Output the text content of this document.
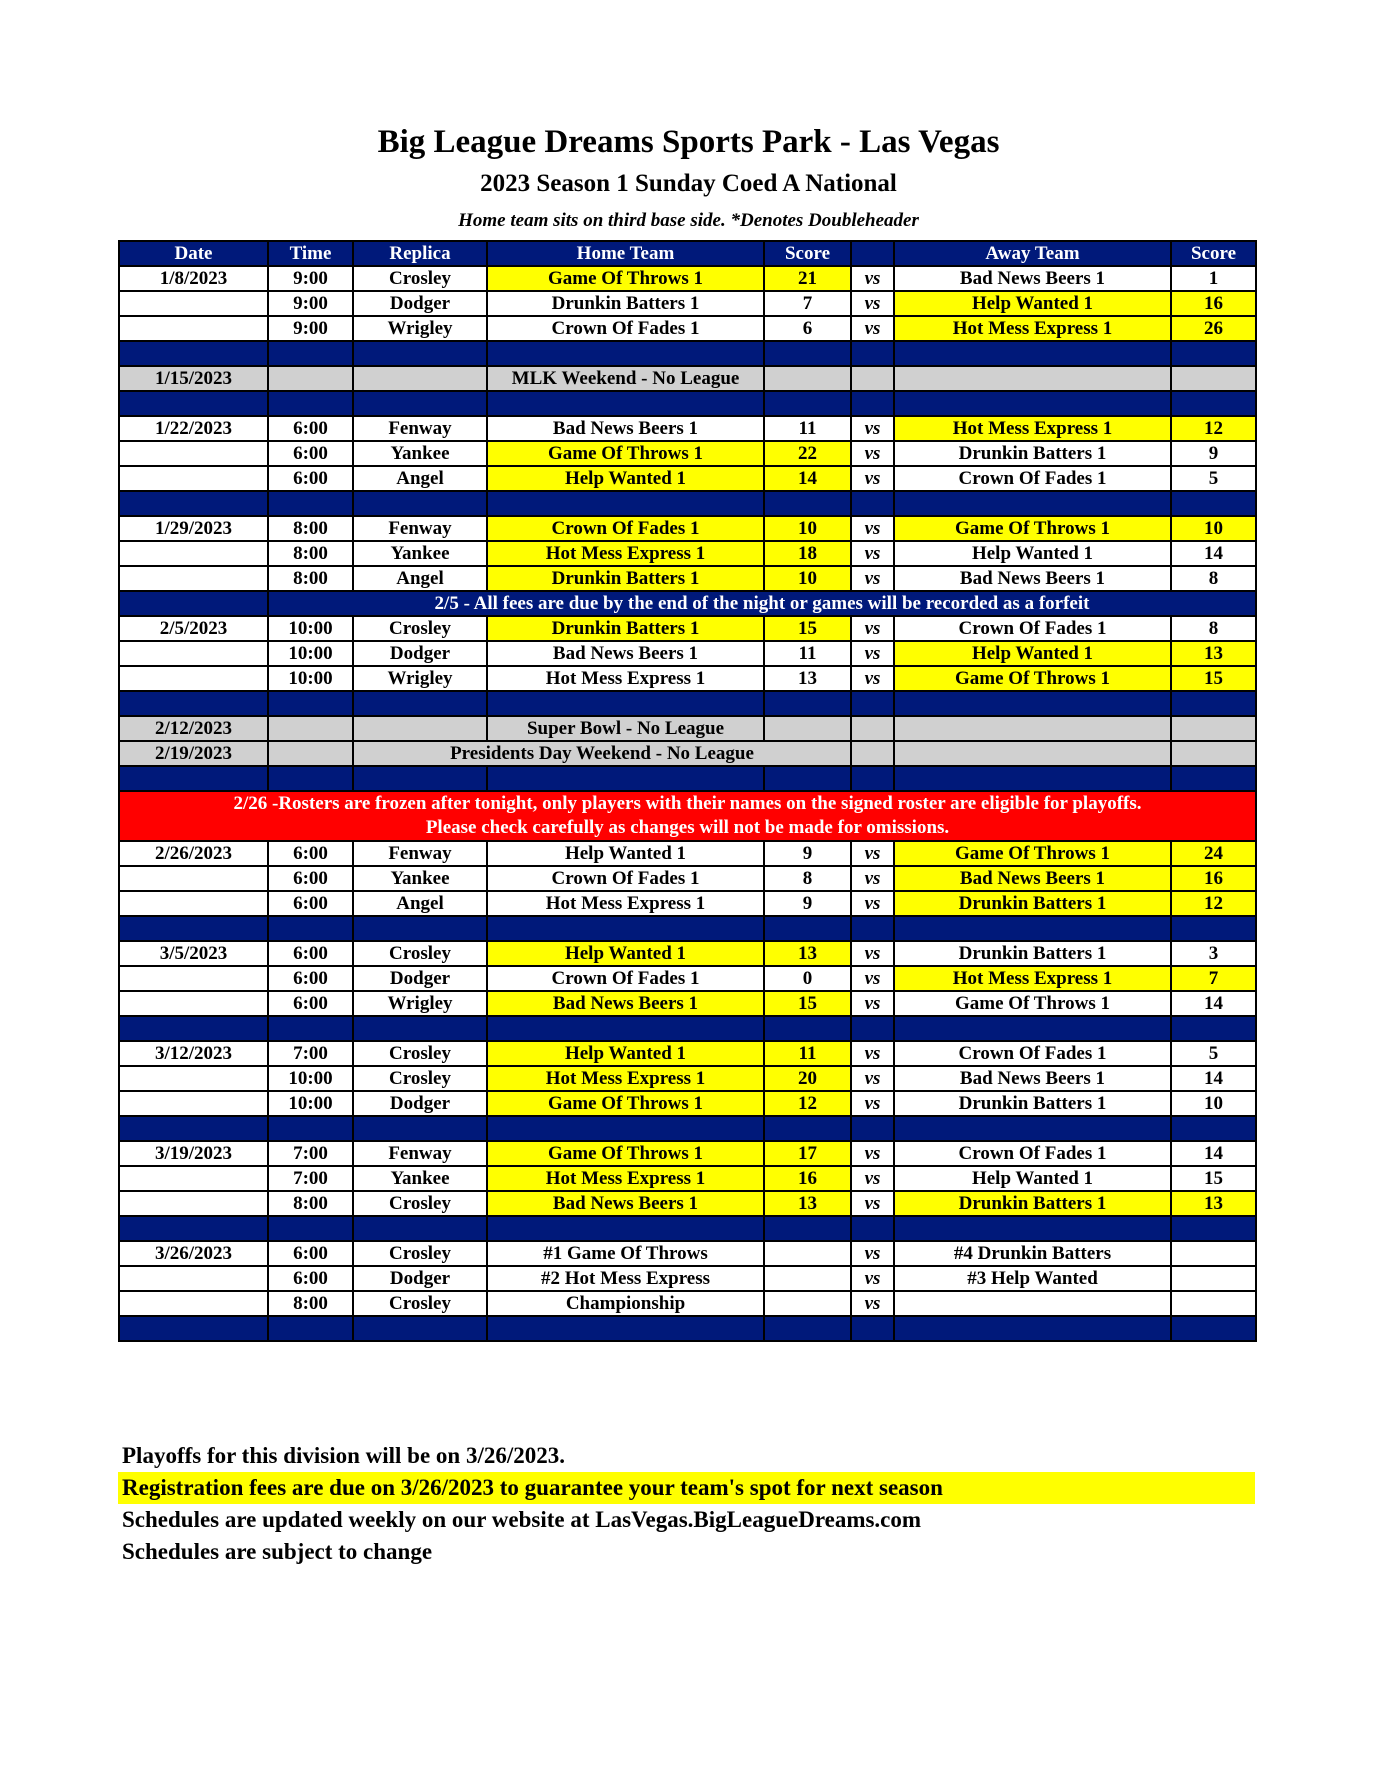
Big League Dreams Sports Park - Las Vegas
2023 Season 1 Sunday Coed A National
Home team sits on third base side. *Denotes Doubleheader
Date	Time	Replica	Home Team	Score		Away Team	Score
1/8/2023	9:00	Crosley	Game Of Throws 1	21	vs	Bad News Beers 1	1
	9:00	Dodger	Drunkin Batters 1	7	vs	Help Wanted 1	16
	9:00	Wrigley	Crown Of Fades 1	6	vs	Hot Mess Express 1	26

1/15/2023			MLK Weekend - No League				

1/22/2023	6:00	Fenway	Bad News Beers 1	11	vs	Hot Mess Express 1	12
	6:00	Yankee	Game Of Throws 1	22	vs	Drunkin Batters 1	9
	6:00	Angel	Help Wanted 1	14	vs	Crown Of Fades 1	5

1/29/2023	8:00	Fenway	Crown Of Fades 1	10	vs	Game Of Throws 1	10
	8:00	Yankee	Hot Mess Express 1	18	vs	Help Wanted 1	14
	8:00	Angel	Drunkin Batters 1	10	vs	Bad News Beers 1	8
	2/5 - All fees are due by the end of the night or games will be recorded as a forfeit						
2/5/2023	10:00	Crosley	Drunkin Batters 1	15	vs	Crown Of Fades 1	8
	10:00	Dodger	Bad News Beers 1	11	vs	Help Wanted 1	13
	10:00	Wrigley	Hot Mess Express 1	13	vs	Game Of Throws 1	15

2/12/2023			Super Bowl - No League				
2/19/2023		Presidents Day Weekend - No League					

2/26 -Rosters are frozen after tonight, only players with their names on the signed roster are eligible for playoffs.
Please check carefully as changes will not be made for omissions.							

2/26/2023	6:00	Fenway	Help Wanted 1	9	vs	Game Of Throws 1	24
	6:00	Yankee	Crown Of Fades 1	8	vs	Bad News Beers 1	16
	6:00	Angel	Hot Mess Express 1	9	vs	Drunkin Batters 1	12

3/5/2023	6:00	Crosley	Help Wanted 1	13	vs	Drunkin Batters 1	3
	6:00	Dodger	Crown Of Fades 1	0	vs	Hot Mess Express 1	7
	6:00	Wrigley	Bad News Beers 1	15	vs	Game Of Throws 1	14

3/12/2023	7:00	Crosley	Help Wanted 1	11	vs	Crown Of Fades 1	5
	10:00	Crosley	Hot Mess Express 1	20	vs	Bad News Beers 1	14
	10:00	Dodger	Game Of Throws 1	12	vs	Drunkin Batters 1	10

3/19/2023	7:00	Fenway	Game Of Throws 1	17	vs	Crown Of Fades 1	14
	7:00	Yankee	Hot Mess Express 1	16	vs	Help Wanted 1	15
	8:00	Crosley	Bad News Beers 1	13	vs	Drunkin Batters 1	13

3/26/2023	6:00	Crosley	#1 Game Of Throws		vs	#4 Drunkin Batters	
	6:00	Dodger	#2 Hot Mess Express		vs	#3 Help Wanted	
	8:00	Crosley	Championship		vs		

Playoffs for this division will be on 3/26/2023.
Registration fees are due on 3/26/2023 to guarantee your team's spot for next season
Schedules are updated weekly on our website at LasVegas.BigLeagueDreams.com
Schedules are subject to change
